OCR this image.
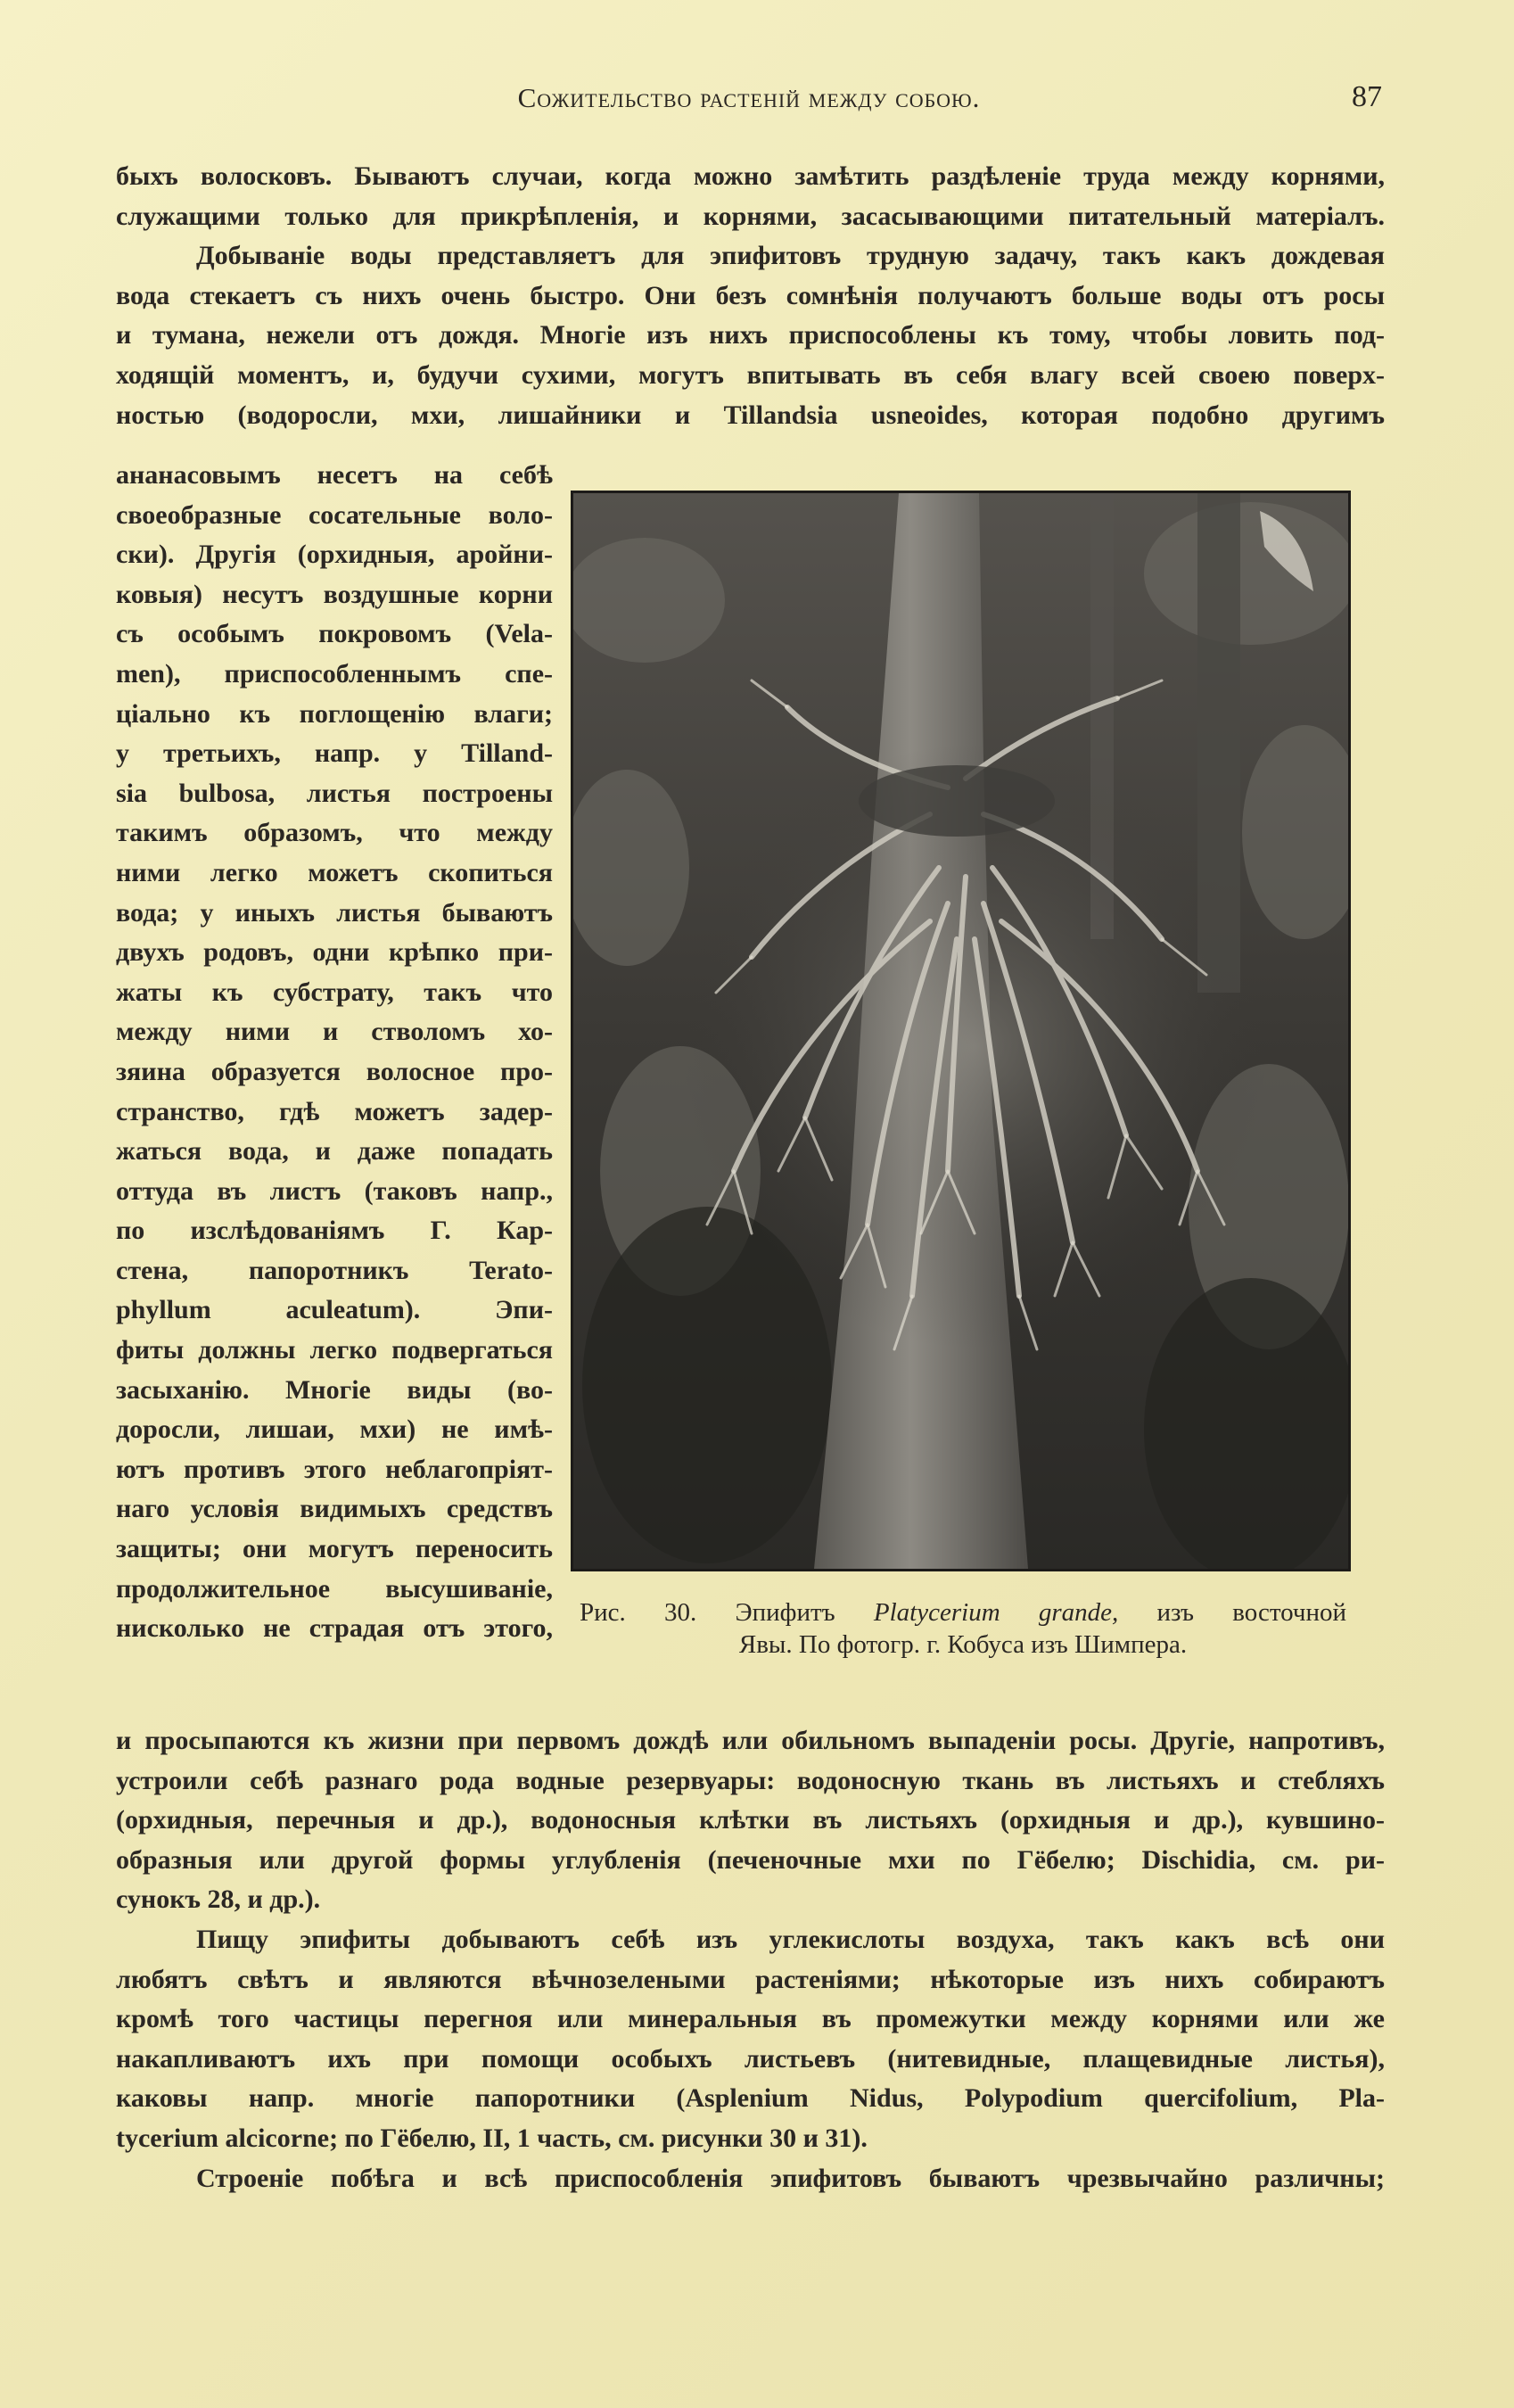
Сожительство растеній между собою.	87
быхъ волосковъ. Бываютъ случаи, когда можно замѣтить раздѣленіе труда между корнями,
служащими только для прикрѣпленія, и корнями, засасывающими питательный матеріалъ.
Добываніе воды представляетъ для эпифитовъ трудную задачу, такъ какъ дождевая
вода стекаетъ съ нихъ очень быстро. Они безъ сомнѣнія получаютъ больше воды отъ росы
и тумана, нежели отъ дождя. Многіе изъ нихъ приспособлены къ тому, чтобы ловить под-
ходящій моментъ, и, будучи сухими, могутъ впитывать въ себя влагу всей своею поверх-
ностью (водоросли, мхи, лишайники и Tillandsia usneoides, которая подобно другимъ
ананасовымъ несетъ на себѣ
своеобразные сосательные воло-
ски). Другія (орхидныя, аройни-
ковыя) несутъ воздушные корни
съ особымъ покровомъ (Vela-
men), приспособленнымъ спе-
ціально къ поглощенію влаги;
у третьихъ, напр. у Tilland-
sia bulbosa, листья построены
такимъ образомъ, что между
ними легко можетъ скопиться
вода; у иныхъ листья бываютъ
двухъ родовъ, одни крѣпко при-
жаты къ субстрату, такъ что
между ними и стволомъ хо-
зяина образуется волосное про-
странство, гдѣ можетъ задер-
жаться вода, и даже попадать
оттуда въ листъ (таковъ напр.,
по изслѣдованіямъ Г. Кар-
стена, папоротникъ Terato-
phyllum aculeatum). Эпи-
фиты должны легко подвергаться
засыханію. Многіе виды (во-
доросли, лишаи, мхи) не имѣ-
ютъ противъ этого неблагопріят-
наго условія видимыхъ средствъ
защиты; они могутъ переносить
продолжительное высушиваніе,
нисколько не страдая отъ этого,
Рис. 30. Эпифитъ Platycerium grande, изъ восточной
Явы. По фотогр. г. Кобуса изъ Шимпера.
и просыпаются къ жизни при первомъ дождѣ или обильномъ выпаденіи росы. Другіе, напротивъ,
устроили себѣ разнаго рода водные резервуары: водоносную ткань въ листьяхъ и стебляхъ
(орхидныя, перечныя и др.), водоносныя клѣтки въ листьяхъ (орхидныя и др.), кувшино-
образныя или другой формы углубленія (печеночные мхи по Гёбелю; Dischidia, см. ри-
сунокъ 28, и др.).
Пищу эпифиты добываютъ себѣ изъ углекислоты воздуха, такъ какъ всѣ они
любятъ свѣтъ и являются вѣчнозелеными растеніями; нѣкоторые изъ нихъ собираютъ
кромѣ того частицы перегноя или минеральныя въ промежутки между корнями или же
накапливаютъ ихъ при помощи особыхъ листьевъ (нитевидные, плащевидные листья),
каковы напр. многіе папоротники (Asplenium Nidus, Polypodium quercifolium, Pla-
tycerium alcicorne; по Гёбелю, II, 1 часть, см. рисунки 30 и 31).
Строеніе побѣга и всѣ приспособленія эпифитовъ бываютъ чрезвычайно различны;
